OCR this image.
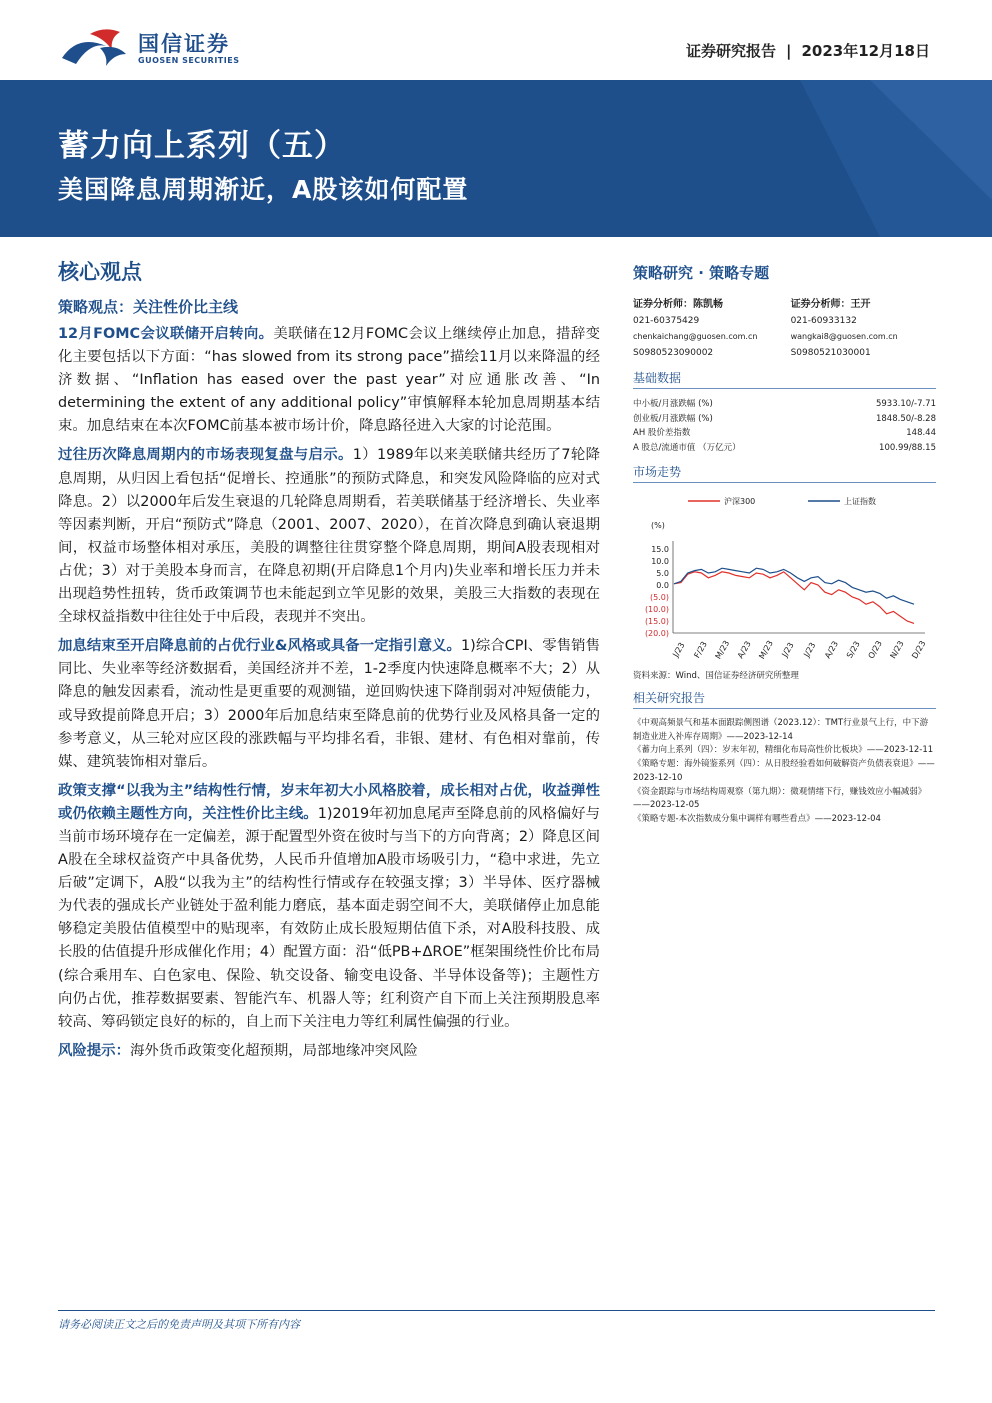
国信证券
GUOSEN SECURITIES
证券研究报告 | 2023年12月18日
蓄力向上系列（五）
美国降息周期渐近，A股该如何配置
核心观点
策略观点：关注性价比主线

12月FOMC会议联储开启转向。美联储在12月FOMC会议上继续停止加息，措辞变化主要包括以下方面：“has slowed from its strong pace”描绘11月以来降温的经济数据、“Inflation has eased over the past year”对应通胀改善、“In determining the extent of any additional policy”审慎解释本轮加息周期基本结束。加息结束在本次FOMC前基本被市场计价，降息路径进入大家的讨论范围。

过往历次降息周期内的市场表现复盘与启示。1）1989年以来美联储共经历了7轮降息周期，从归因上看包括“促增长、控通胀”的预防式降息，和突发风险降临的应对式降息。2）以2000年后发生衰退的几轮降息周期看，若美联储基于经济增长、失业率等因素判断，开启“预防式”降息（2001、2007、2020），在首次降息到确认衰退期间，权益市场整体相对承压，美股的调整往往贯穿整个降息周期，期间A股表现相对占优；3）对于美股本身而言，在降息初期(开启降息1个月内)失业率和增长压力并未出现趋势性扭转，货币政策调节也未能起到立竿见影的效果，美股三大指数的表现在全球权益指数中往往处于中后段，表现并不突出。

加息结束至开启降息前的占优行业&风格或具备一定指引意义。1)综合CPI、零售销售同比、失业率等经济数据看，美国经济并不差，1-2季度内快速降息概率不大；2）从降息的触发因素看，流动性是更重要的观测锚，逆回购快速下降削弱对冲短债能力，或导致提前降息开启；3）2000年后加息结束至降息前的优势行业及风格具备一定的参考意义，从三轮对应区段的涨跌幅与平均排名看，非银、建材、有色相对靠前，传媒、建筑装饰相对靠后。

政策支撑“以我为主”结构性行情，岁末年初大小风格胶着，成长相对占优，收益弹性或仍依赖主题性方向，关注性价比主线。1)2019年初加息尾声至降息前的风格偏好与当前市场环境存在一定偏差，源于配置型外资在彼时与当下的方向背离；2）降息区间A股在全球权益资产中具备优势，人民币升值增加A股市场吸引力，“稳中求进，先立后破”定调下，A股“以我为主”的结构性行情或存在较强支撑；3）半导体、医疗器械为代表的强成长产业链处于盈利能力磨底，基本面走弱空间不大，美联储停止加息能够稳定美股估值模型中的贴现率，有效防止成长股短期估值下杀，对A股科技股、成长股的估值提升形成催化作用；4）配置方面：沿“低PB+ΔROE”框架围绕性价比布局(综合乘用车、白色家电、保险、轨交设备、输变电设备、半导体设备等)；主题性方向仍占优，推荐数据要素、智能汽车、机器人等；红利资产自下而上关注预期股息率较高、筹码锁定良好的标的，自上而下关注电力等红利属性偏强的行业。

风险提示：海外货币政策变化超预期，局部地缘冲突风险

策略研究 · 策略专题
证券分析师：陈凯畅
021-60375429
chenkaichang@guosen.com.cn
S0980523090002
证券分析师：王开
021-60933132
wangkai8@guosen.com.cn
S0980521030001
基础数据
中小板/月涨跌幅 (%)	5933.10/-7.71
创业板/月涨跌幅 (%)	1848.50/-8.28
AH 股价差指数	148.44
A 股总/流通市值 （万亿元）	100.99/88.15
市场走势
沪深300	上证指数
(%)
15.0
10.0
5.0
0.0
(5.0)
(10.0)
(15.0)
(20.0)
J/23 F/23 M/23 A/23 M/23 J/23 J/23 A/23 S/23 O/23 N/23 D/23
资料来源：Wind、国信证券经济研究所整理
相关研究报告
《中观高频景气和基本面跟踪侧图谱（2023.12）：TMT行业景气上行，中下游制造业进入补库存周期》——2023-12-14
《蓄力向上系列（四）：岁末年初，精细化布局高性价比板块》——2023-12-11
《策略专题：海外镜鉴系列（四）：从日股经验看如何破解资产负债表衰退》——2023-12-10
《资金跟踪与市场结构周观察（第九期）：微观情绪下行，赚钱效应小幅减弱》——2023-12-05
《策略专题-本次指数成分集中调样有哪些看点》——2023-12-04
请务必阅读正文之后的免责声明及其项下所有内容
